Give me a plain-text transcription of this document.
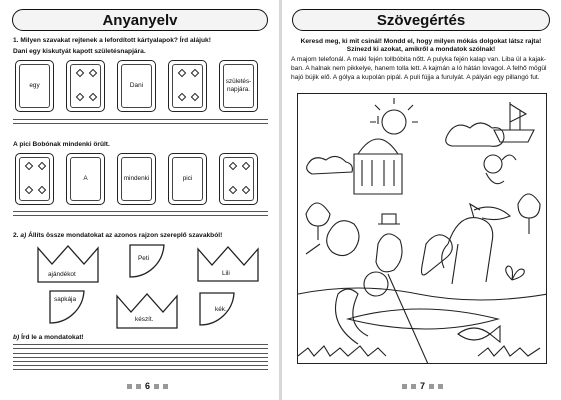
Anyanyelv
1. Milyen szavakat rejtenek a lefordított kártyalapok? Írd alájuk!
Dani egy kiskutyát kapott születésnapjára.
egy	Dani
születés-
napjára.
A pici Bobónak mindenki örült.
A	mindenki	pici
2. a) Állíts össze mondatokat az azonos rajzon szereplő szavakból!
ajándékot
Peti
Lili
sapkája
készít.
kék.
b) Írd le a mondatokat!
6
Szövegértés
Keresd meg, ki mit csinál! Mondd el, hogy milyen mókás dolgokat látsz rajta!
Színezd ki azokat, amikről a mondatok szólnak!
A majom telefonál. A maki fején tollbóbita nőtt. A pulyka fején kalap van. Liba ül a kajak-
ban. A halnak nem pikkelye, hanem tolla lett. A kajmán a ló hátán lovagol. A felhő mögül
hajó bújik elő. A gólya a kupolán pipál. A puli fújja a furulyát. A pályán egy pillangó fut.
7
